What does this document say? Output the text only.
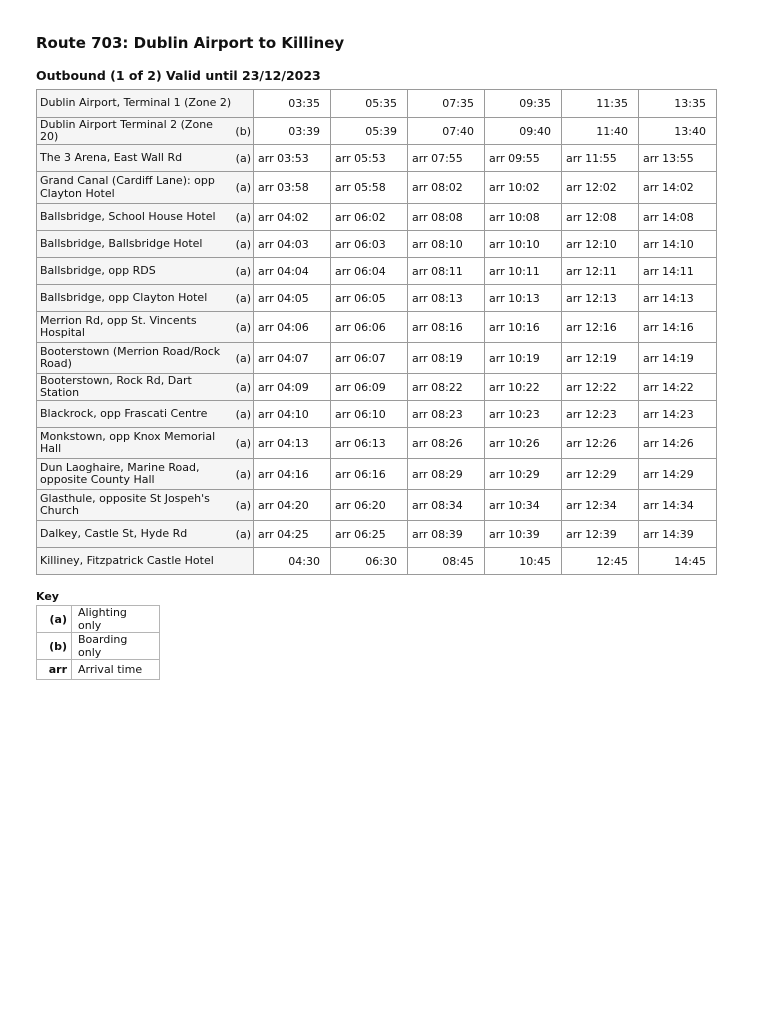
Route 703: Dublin Airport to Killiney
Outbound (1 of 2) Valid until 23/12/2023
Dublin Airport, Terminal 1 (Zone 2)	03:35	05:35	07:35	09:35	11:35	13:35

Dublin Airport Terminal 2 (Zone 20) (b)	03:39	05:39	07:40	09:40	11:40	13:40

The 3 Arena, East Wall Rd (a)	arr 03:53	arr 05:53	arr 07:55	arr 09:55	arr 11:55	arr 13:55

Grand Canal (Cardiff Lane): opp Clayton Hotel (a)	arr 03:58	arr 05:58	arr 08:02	arr 10:02	arr 12:02	arr 14:02

Ballsbridge, School House Hotel (a)	arr 04:02	arr 06:02	arr 08:08	arr 10:08	arr 12:08	arr 14:08

Ballsbridge, Ballsbridge Hotel (a)	arr 04:03	arr 06:03	arr 08:10	arr 10:10	arr 12:10	arr 14:10

Ballsbridge, opp RDS (a)	arr 04:04	arr 06:04	arr 08:11	arr 10:11	arr 12:11	arr 14:11

Ballsbridge, opp Clayton Hotel (a)	arr 04:05	arr 06:05	arr 08:13	arr 10:13	arr 12:13	arr 14:13

Merrion Rd, opp St. Vincents Hospital (a)	arr 04:06	arr 06:06	arr 08:16	arr 10:16	arr 12:16	arr 14:16

Booterstown (Merrion Road/Rock Road) (a)	arr 04:07	arr 06:07	arr 08:19	arr 10:19	arr 12:19	arr 14:19

Booterstown, Rock Rd, Dart Station (a)	arr 04:09	arr 06:09	arr 08:22	arr 10:22	arr 12:22	arr 14:22

Blackrock, opp Frascati Centre (a)	arr 04:10	arr 06:10	arr 08:23	arr 10:23	arr 12:23	arr 14:23

Monkstown, opp Knox Memorial Hall (a)	arr 04:13	arr 06:13	arr 08:26	arr 10:26	arr 12:26	arr 14:26

Dun Laoghaire, Marine Road, opposite County Hall (a)	arr 04:16	arr 06:16	arr 08:29	arr 10:29	arr 12:29	arr 14:29

Glasthule, opposite St Jospeh's Church (a)	arr 04:20	arr 06:20	arr 08:34	arr 10:34	arr 12:34	arr 14:34

Dalkey, Castle St, Hyde Rd (a)	arr 04:25	arr 06:25	arr 08:39	arr 10:39	arr 12:39	arr 14:39

Killiney, Fitzpatrick Castle Hotel	04:30	06:30	08:45	10:45	12:45	14:45
Key
(a)	Alighting only
(b)	Boarding only
arr	Arrival time
